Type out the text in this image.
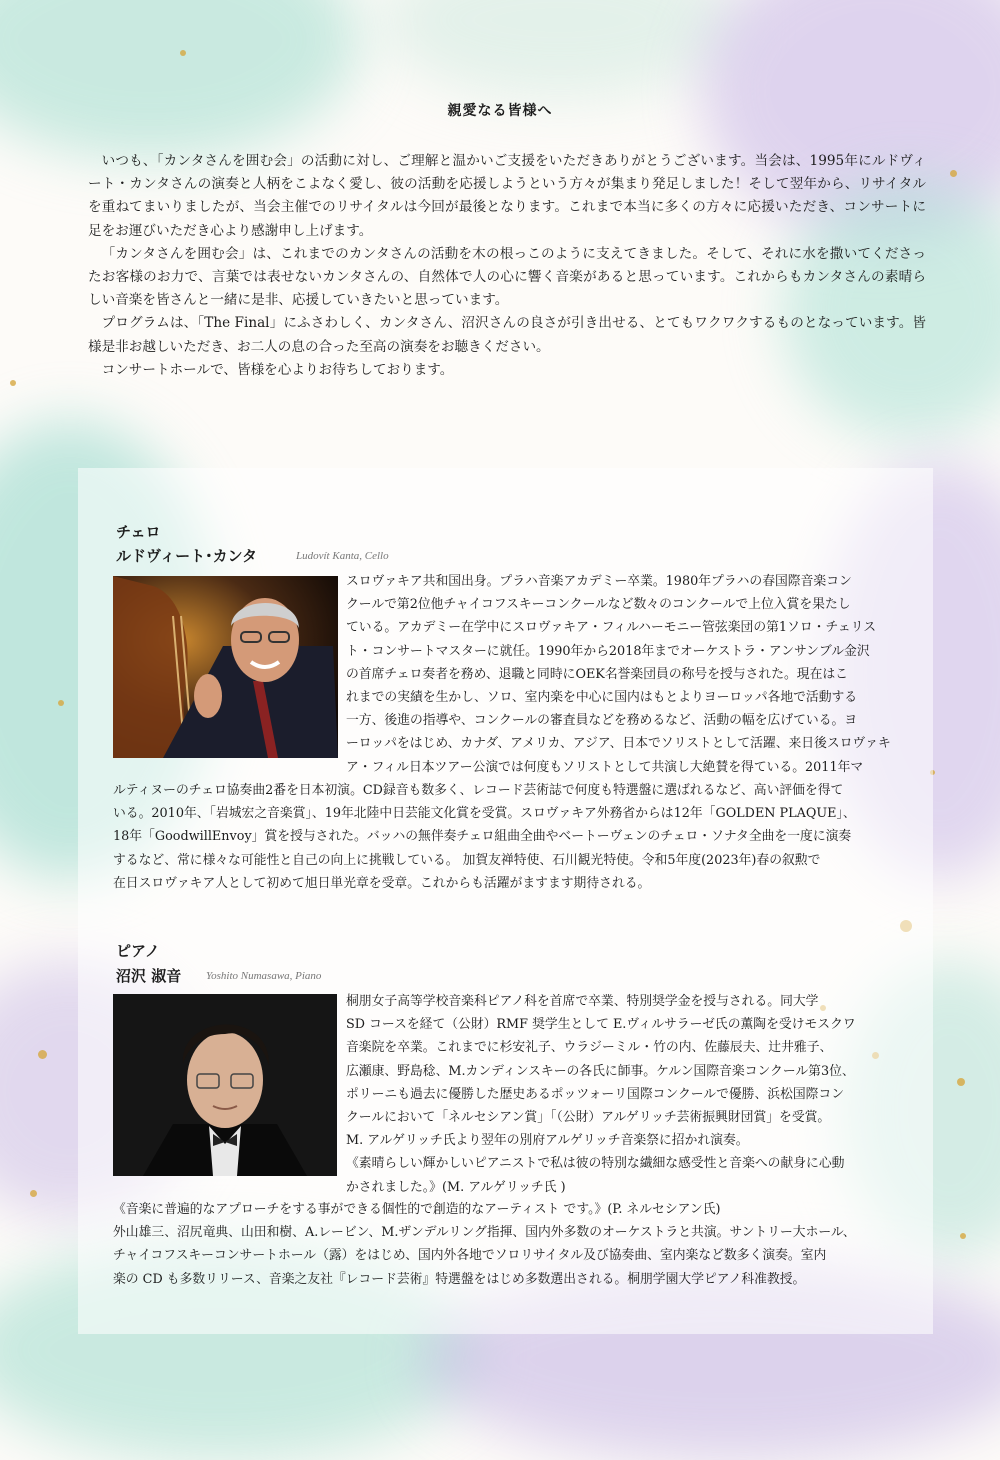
親愛なる皆様へ

いつも、「カンタさんを囲む会」の活動に対し、ご理解と温かいご支援をいただきありがとうございます。当会は、1995年にルドヴィート・カンタさんの演奏と人柄をこよなく愛し、彼の活動を応援しようという方々が集まり発足しました！そして翌年から、リサイタルを重ねてまいりましたが、当会主催でのリサイタルは今回が最後となります。これまで本当に多くの方々に応援いただき、コンサートに足をお運びいただき心より感謝申し上げます。

「カンタさんを囲む会」は、これまでのカンタさんの活動を木の根っこのように支えてきました。そして、それに水を撒いてくださったお客様のお力で、言葉では表せないカンタさんの、自然体で人の心に響く音楽があると思っています。これからもカンタさんの素晴らしい音楽を皆さんと一緒に是非、応援していきたいと思っています。

プログラムは、「The Final」にふさわしく、カンタさん、沼沢さんの良さが引き出せる、とてもワクワクするものとなっています。皆様是非お越しいただき、お二人の息の合った至高の演奏をお聴きください。

コンサートホールで、皆様を心よりお待ちしております。

チェロ
ルドヴィート･カンタ	Ludovít Kanta, Cello
スロヴァキア共和国出身。プラハ音楽アカデミー卒業。1980年プラハの春国際音楽コン
クールで第2位他チャイコフスキーコンクールなど数々のコンクールで上位入賞を果たし
ている。アカデミー在学中にスロヴァキア・フィルハーモニー管弦楽団の第1ソロ・チェリス
ト・コンサートマスターに就任。1990年から2018年までオーケストラ・アンサンブル金沢
の首席チェロ奏者を務め、退職と同時にOEK名誉楽団員の称号を授与された。現在はこ
れまでの実績を生かし、ソロ、室内楽を中心に国内はもとよりヨーロッパ各地で活動する
一方、後進の指導や、コンクールの審査員などを務めるなど、活動の幅を広げている。ヨ
ーロッパをはじめ、カナダ、アメリカ、アジア、日本でソリストとして活躍、来日後スロヴァキ
ア・フィル日本ツアー公演では何度もソリストとして共演し大絶賛を得ている。2011年マ
ルティヌーのチェロ協奏曲2番を日本初演。CD録音も数多く、レコード芸術誌で何度も特選盤に選ばれるなど、高い評価を得て
いる。2010年、「岩城宏之音楽賞」、19年北陸中日芸能文化賞を受賞。スロヴァキア外務省からは12年「GOLDEN PLAQUE」、
18年「GoodwillEnvoy」賞を授与された。バッハの無伴奏チェロ組曲全曲やベートーヴェンのチェロ・ソナタ全曲を一度に演奏
するなど、常に様々な可能性と自己の向上に挑戦している。 加賀友禅特使、石川観光特使。令和5年度(2023年)春の叙勲で
在日スロヴァキア人として初めて旭日単光章を受章。これからも活躍がますます期待される。
ピアノ
沼沢 淑音 Yoshito Numasawa, Piano
桐朋女子高等学校音楽科ピアノ科を首席で卒業、特別奨学金を授与される。同大学
SD コースを経て（公財）RMF 奨学生として E.ヴィルサラーゼ氏の薫陶を受けモスクワ
音楽院を卒業。これまでに杉安礼子、ウラジーミル・竹の内、佐藤辰夫、辻井雅子、
広瀬康、野島稔、M.カンディンスキーの各氏に師事。ケルン国際音楽コンクール第3位、
ポリーニも過去に優勝した歴史あるポッツォーリ国際コンクールで優勝、浜松国際コン
クールにおいて「ネルセシアン賞」「（公財）アルゲリッチ芸術振興財団賞」を受賞。
M. アルゲリッチ氏より翌年の別府アルゲリッチ音楽祭に招かれ演奏。
《素晴らしい輝かしいピアニストで私は彼の特別な繊細な感受性と音楽への献身に心動
かされました。》(M. アルゲリッチ氏 )
《音楽に普遍的なアプローチをする事ができる個性的で創造的なアーティスト です。》(P. ネルセシアン氏)
外山雄三、沼尻竜典、山田和樹、A.レービン、M.ザンデルリング指揮、国内外多数のオーケストラと共演。サントリー大ホール、
チャイコフスキーコンサートホール（露）をはじめ、国内外各地でソロリサイタル及び協奏曲、室内楽など数多く演奏。室内
楽の CD も多数リリース、音楽之友社『レコード芸術』特選盤をはじめ多数選出される。桐朋学園大学ピアノ科准教授。
